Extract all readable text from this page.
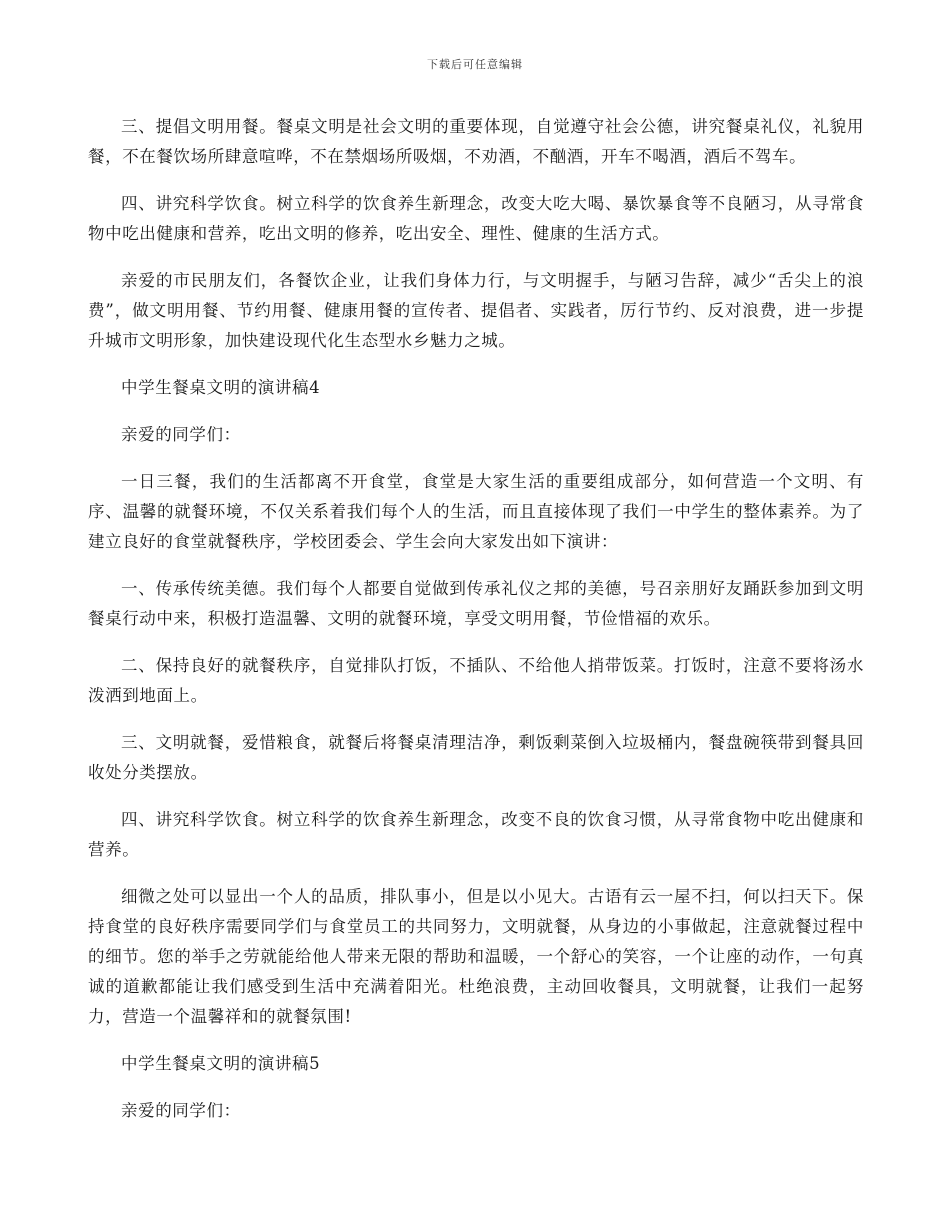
下载后可任意编辑

三、提倡文明用餐。餐桌文明是社会文明的重要体现，自觉遵守社会公德，讲究餐桌礼仪，礼貌用餐，不在餐饮场所肆意喧哗，不在禁烟场所吸烟，不劝酒，不酗酒，开车不喝酒，酒后不驾车。

四、讲究科学饮食。树立科学的饮食养生新理念，改变大吃大喝、暴饮暴食等不良陋习，从寻常食物中吃出健康和营养，吃出文明的修养，吃出安全、理性、健康的生活方式。

亲爱的市民朋友们，各餐饮企业，让我们身体力行，与文明握手，与陋习告辞，减少“舌尖上的浪费”，做文明用餐、节约用餐、健康用餐的宣传者、提倡者、实践者，厉行节约、反对浪费，进一步提升城市文明形象，加快建设现代化生态型水乡魅力之城。

中学生餐桌文明的演讲稿4

亲爱的同学们：

一日三餐，我们的生活都离不开食堂，食堂是大家生活的重要组成部分，如何营造一个文明、有序、温馨的就餐环境，不仅关系着我们每个人的生活，而且直接体现了我们一中学生的整体素养。为了建立良好的食堂就餐秩序，学校团委会、学生会向大家发出如下演讲：

一、传承传统美德。我们每个人都要自觉做到传承礼仪之邦的美德，号召亲朋好友踊跃参加到文明餐桌行动中来，积极打造温馨、文明的就餐环境，享受文明用餐，节俭惜福的欢乐。

二、保持良好的就餐秩序，自觉排队打饭，不插队、不给他人捎带饭菜。打饭时，注意不要将汤水泼洒到地面上。

三、文明就餐，爱惜粮食，就餐后将餐桌清理洁净，剩饭剩菜倒入垃圾桶内，餐盘碗筷带到餐具回收处分类摆放。

四、讲究科学饮食。树立科学的饮食养生新理念，改变不良的饮食习惯，从寻常食物中吃出健康和营养。

细微之处可以显出一个人的品质，排队事小，但是以小见大。古语有云一屋不扫，何以扫天下。保持食堂的良好秩序需要同学们与食堂员工的共同努力，文明就餐，从身边的小事做起，注意就餐过程中的细节。您的举手之劳就能给他人带来无限的帮助和温暖，一个舒心的笑容，一个让座的动作，一句真诚的道歉都能让我们感受到生活中充满着阳光。杜绝浪费，主动回收餐具，文明就餐，让我们一起努力，营造一个温馨祥和的就餐氛围!

中学生餐桌文明的演讲稿5

亲爱的同学们：
